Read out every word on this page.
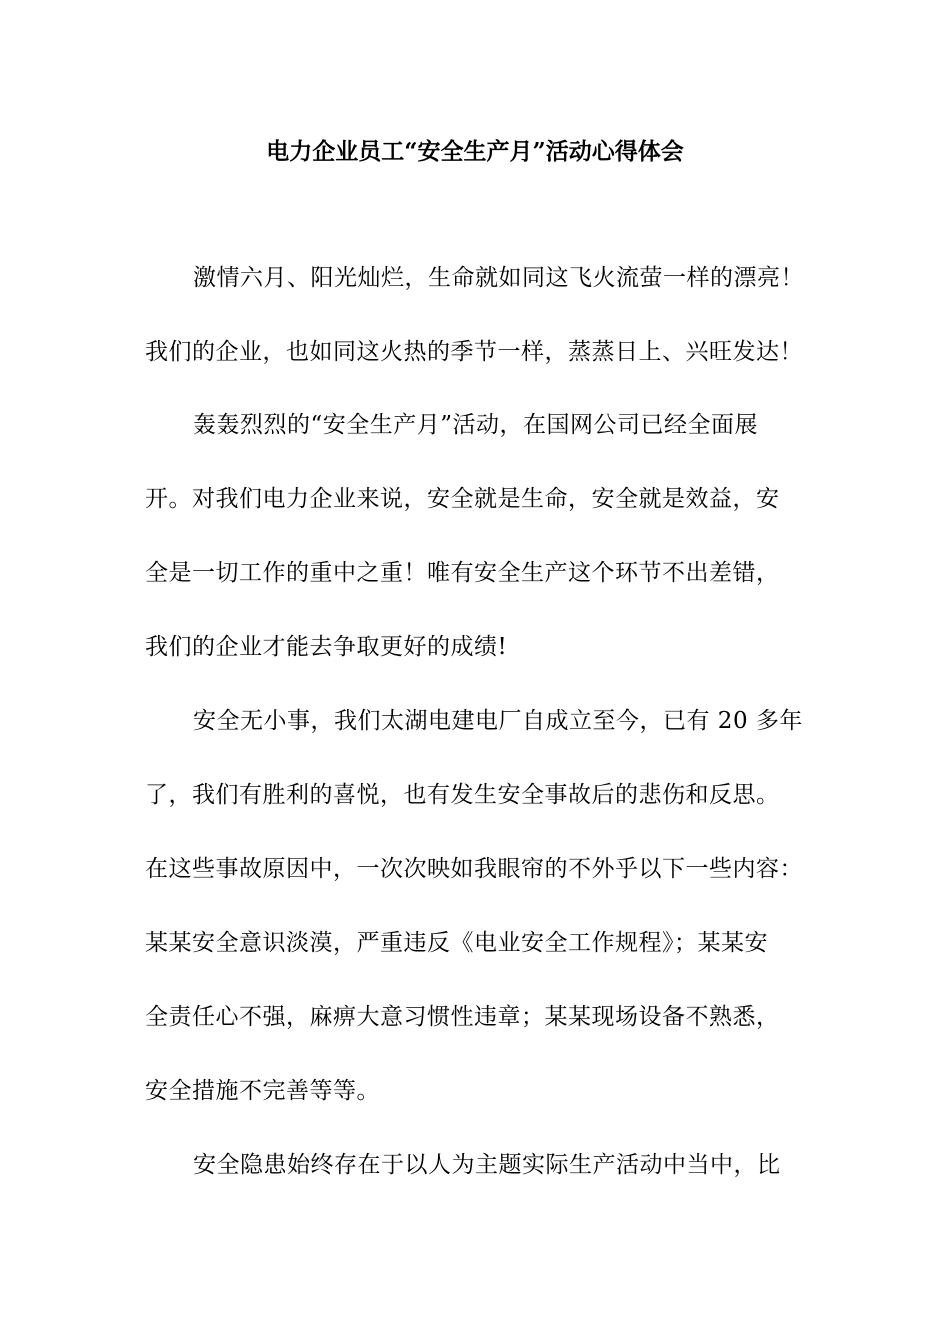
电力企业员工“安全生产月”活动心得体会
激情六月、阳光灿烂，生命就如同这飞火流萤一样的漂亮！
我们的企业，也如同这火热的季节一样，蒸蒸日上、兴旺发达！
轰轰烈烈的“安全生产月”活动，在国网公司已经全面展
开。对我们电力企业来说，安全就是生命，安全就是效益，安
全是一切工作的重中之重！唯有安全生产这个环节不出差错，
我们的企业才能去争取更好的成绩!
安全无小事，我们太湖电建电厂自成立至今，已有 20 多年
了，我们有胜利的喜悦，也有发生安全事故后的悲伤和反思。
在这些事故原因中，一次次映如我眼帘的不外乎以下一些内容：
某某安全意识淡漠，严重违反《电业安全工作规程》；某某安
全责任心不强，麻痹大意习惯性违章；某某现场设备不熟悉，
安全措施不完善等等。
安全隐患始终存在于以人为主题实际生产活动中当中，比
